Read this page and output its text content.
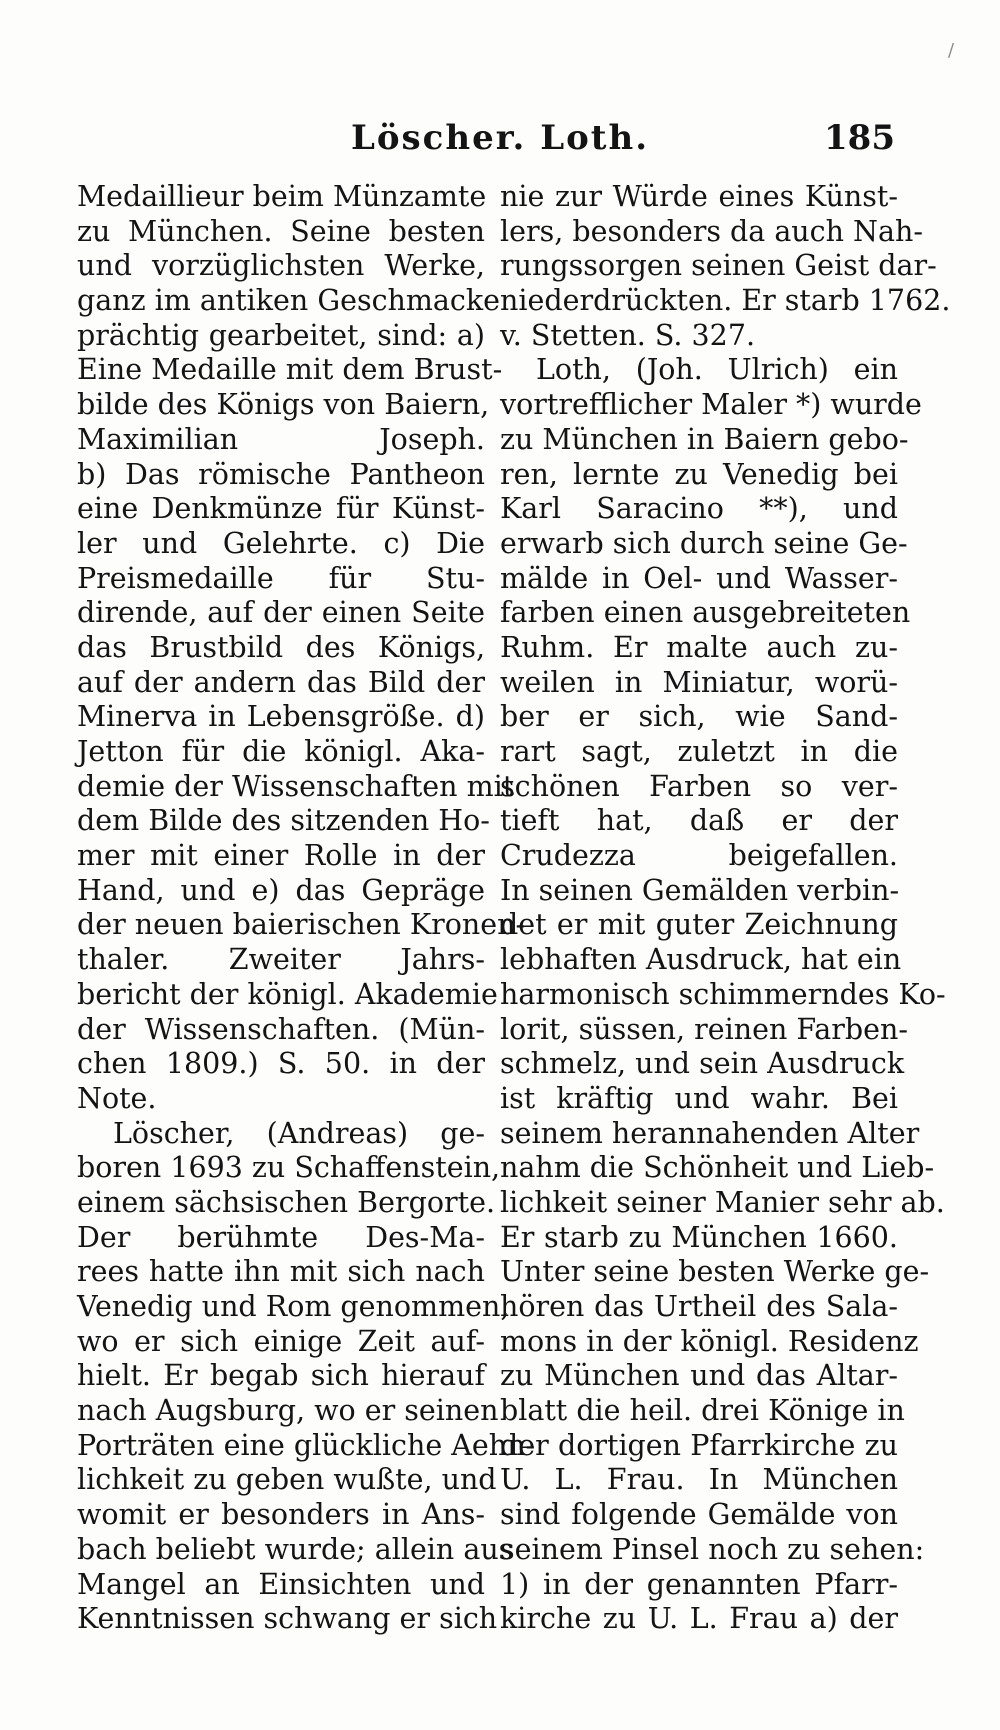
/
Löscher. Loth.	185
Medaillieur beim Münzamte
zu München. Seine besten
und vorzüglichsten Werke,
ganz im antiken Geschmacke
prächtig gearbeitet, sind: a)
Eine Medaille mit dem Brust-
bilde des Königs von Baiern,
Maximilian Joseph.
b) Das römische Pantheon
eine Denkmünze für Künst-
ler und Gelehrte. c) Die
Preismedaille für Stu-
dirende, auf der einen Seite
das Brustbild des Königs,
auf der andern das Bild der
Minerva in Lebensgröße. d)
Jetton für die königl. Aka-
demie der Wissenschaften mit
dem Bilde des sitzenden Ho-
mer mit einer Rolle in der
Hand, und e) das Gepräge
der neuen baierischen Kronen-
thaler. Zweiter Jahrs-
bericht der königl. Akademie
der Wissenschaften. (Mün-
chen 1809.) S. 50. in der
Note.
Löscher, (Andreas) ge-
boren 1693 zu Schaffenstein,
einem sächsischen Bergorte.
Der berühmte Des-Ma-
rees hatte ihn mit sich nach
Venedig und Rom genommen,
wo er sich einige Zeit auf-
hielt. Er begab sich hierauf
nach Augsburg, wo er seinen
Porträten eine glückliche Aehn-
lichkeit zu geben wußte, und
womit er besonders in Ans-
bach beliebt wurde; allein aus
Mangel an Einsichten und
Kenntnissen schwang er sich
nie zur Würde eines Künst-
lers, besonders da auch Nah-
rungssorgen seinen Geist dar-
niederdrückten. Er starb 1762.
v. Stetten. S. 327.
Loth, (Joh. Ulrich) ein
vortrefflicher Maler *) wurde
zu München in Baiern gebo-
ren, lernte zu Venedig bei
Karl Saracino **), und
erwarb sich durch seine Ge-
mälde in Oel- und Wasser-
farben einen ausgebreiteten
Ruhm. Er malte auch zu-
weilen in Miniatur, worü-
ber er sich, wie Sand-
rart sagt, zuletzt in die
schönen Farben so ver-
tieft hat, daß er der
Crudezza beigefallen.
In seinen Gemälden verbin-
det er mit guter Zeichnung
lebhaften Ausdruck, hat ein
harmonisch schimmerndes Ko-
lorit, süssen, reinen Farben-
schmelz, und sein Ausdruck
ist kräftig und wahr. Bei
seinem herannahenden Alter
nahm die Schönheit und Lieb-
lichkeit seiner Manier sehr ab.
Er starb zu München 1660.
Unter seine besten Werke ge-
hören das Urtheil des Sala-
mons in der königl. Residenz
zu München und das Altar-
blatt die heil. drei Könige in
der dortigen Pfarrkirche zu
U. L. Frau. In München
sind folgende Gemälde von
seinem Pinsel noch zu sehen:
1) in der genannten Pfarr-
kirche zu U. L. Frau a) der
